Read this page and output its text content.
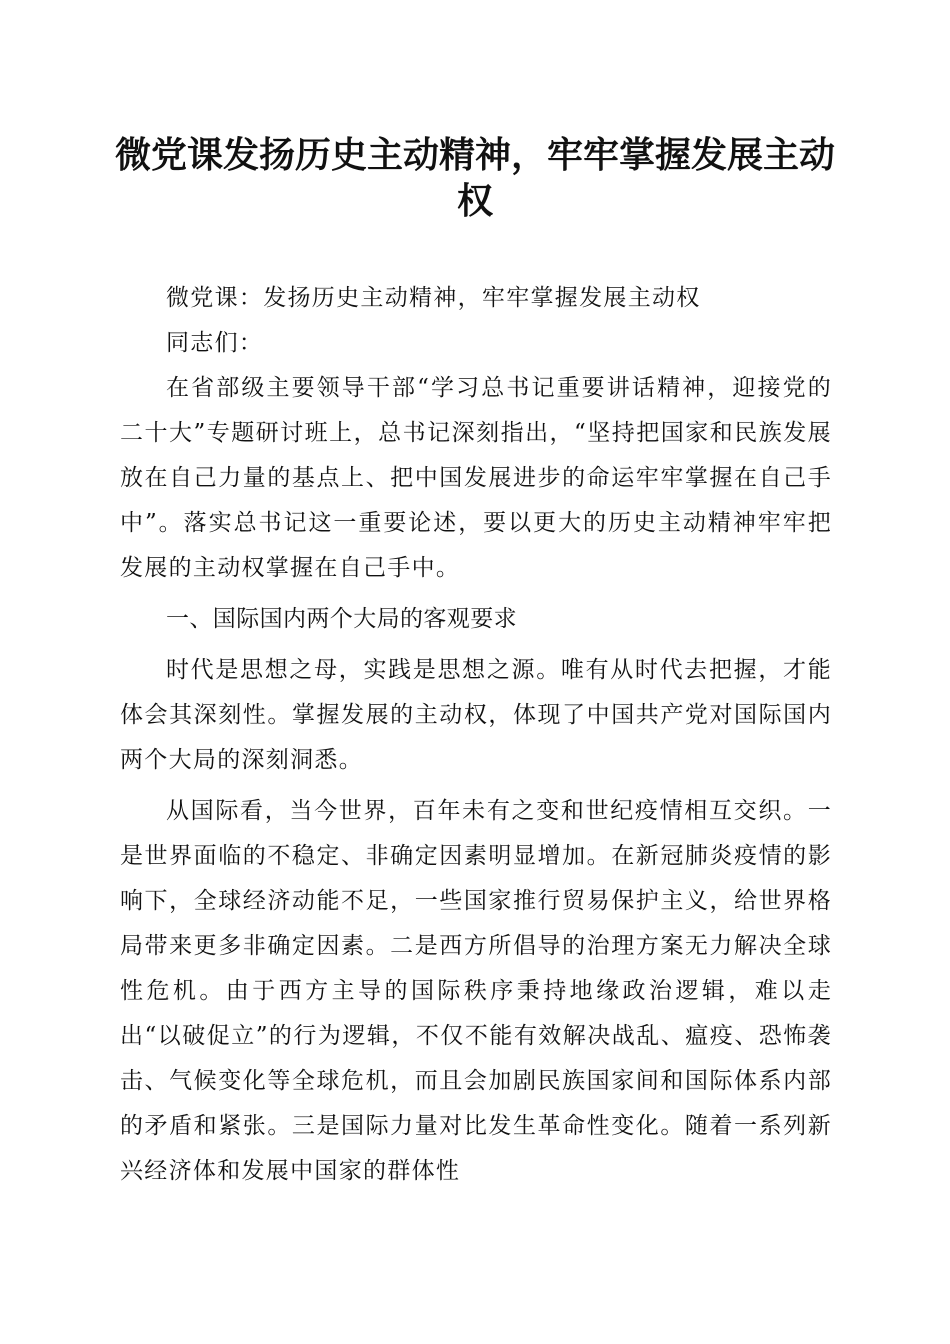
微党课发扬历史主动精神，牢牢掌握发展主动权

微党课：发扬历史主动精神，牢牢掌握发展主动权

同志们：

在省部级主要领导干部“学习总书记重要讲话精神，迎接党的二十大”专题研讨班上，总书记深刻指出，“坚持把国家和民族发展放在自己力量的基点上、把中国发展进步的命运牢牢掌握在自己手中”。落实总书记这一重要论述，要以更大的历史主动精神牢牢把发展的主动权掌握在自己手中。

一、国际国内两个大局的客观要求

时代是思想之母，实践是思想之源。唯有从时代去把握，才能体会其深刻性。掌握发展的主动权，体现了中国共产党对国际国内两个大局的深刻洞悉。

从国际看，当今世界，百年未有之变和世纪疫情相互交织。一是世界面临的不稳定、非确定因素明显增加。在新冠肺炎疫情的影响下，全球经济动能不足，一些国家推行贸易保护主义，给世界格局带来更多非确定因素。二是西方所倡导的治理方案无力解决全球性危机。由于西方主导的国际秩序秉持地缘政治逻辑，难以走出“以破促立”的行为逻辑，不仅不能有效解决战乱、瘟疫、恐怖袭击、气候变化等全球危机，而且会加剧民族国家间和国际体系内部的矛盾和紧张。三是国际力量对比发生革命性变化。随着一系列新兴经济体和发展中国家的群体性
